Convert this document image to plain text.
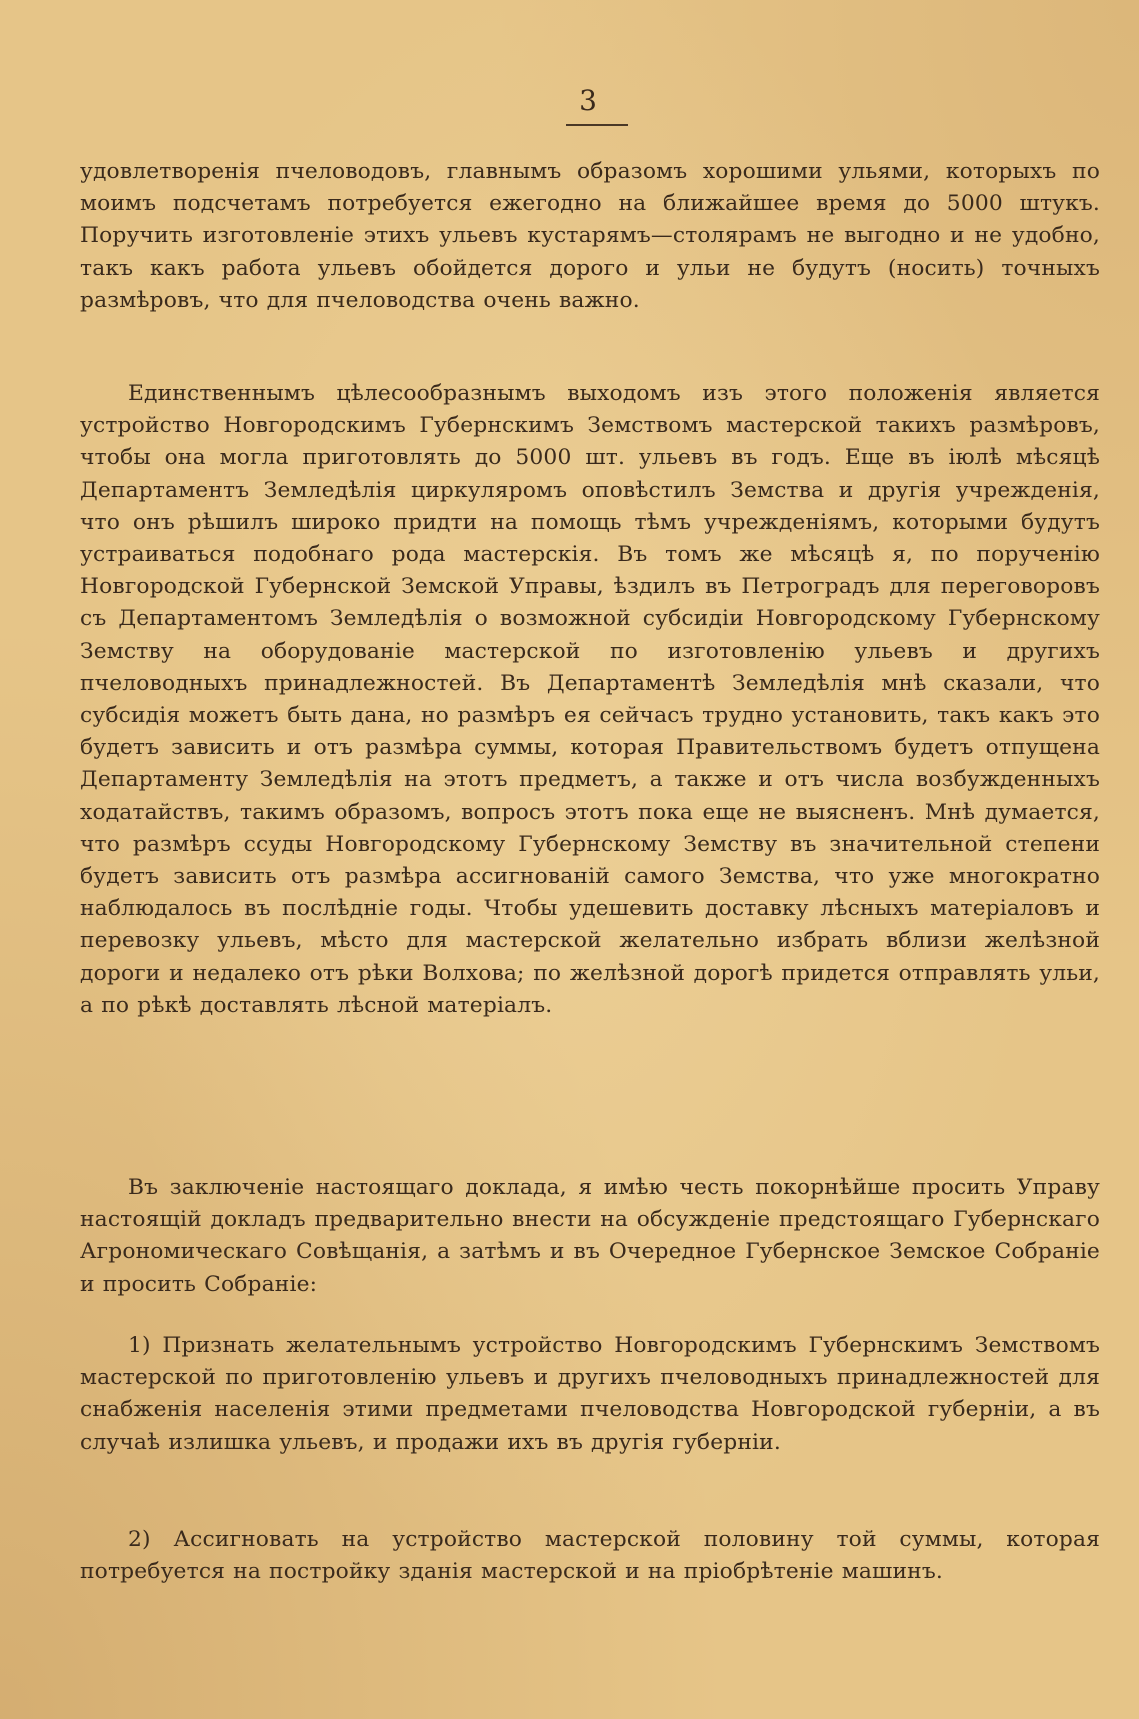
3

удовлетворенія пчеловодовъ, главнымъ образомъ хорошими ульями, которыхъ по моимъ подсчетамъ потребуется ежегодно на ближайшее время до 5000 штукъ. Поручить изготовленіе этихъ ульевъ кустарямъ—столярамъ не выгодно и не удобно, такъ какъ работа ульевъ обойдется дорого и ульи не будутъ (носить) точныхъ размѣровъ, что для пчеловодства очень важно.

Единственнымъ цѣлесообразнымъ выходомъ изъ этого положенія является устройство Новгородскимъ Губернскимъ Земствомъ мастерской такихъ размѣровъ, чтобы она могла приготовлять до 5000 шт. ульевъ въ годъ. Еще въ іюлѣ мѣсяцѣ Департаментъ Земледѣлія циркуляромъ оповѣстилъ Земства и другія учрежденія, что онъ рѣшилъ широко придти на помощь тѣмъ учрежденіямъ, которыми будутъ устраиваться подобнаго рода мастерскія. Въ томъ же мѣсяцѣ я, по порученію Новгородской Губернской Земской Управы, ѣздилъ въ Петроградъ для переговоровъ съ Департаментомъ Земледѣлія о возможной субсидіи Новгородскому Губернскому Земству на оборудованіе мастерской по изготовленію ульевъ и другихъ пчеловодныхъ принадлежностей. Въ Департаментѣ Земледѣлія мнѣ сказали, что субсидія можетъ быть дана, но размѣръ ея сейчасъ трудно установить, такъ какъ это будетъ зависить и отъ размѣра суммы, которая Правительствомъ будетъ отпущена Департаменту Земледѣлія на этотъ предметъ, а также и отъ числа возбужденныхъ ходатайствъ, такимъ образомъ, вопросъ этотъ пока еще не выясненъ. Мнѣ думается, что размѣръ ссуды Новгородскому Губернскому Земству въ значительной степени будетъ зависить отъ размѣра ассигнованій самого Земства, что уже многократно наблюдалось въ послѣдніе годы. Чтобы удешевить доставку лѣсныхъ матеріаловъ и перевозку ульевъ, мѣсто для мастерской желательно избрать вблизи желѣзной дороги и недалеко отъ рѣки Волхова; по желѣзной дорогѣ придется отправлять ульи, а по рѣкѣ доставлять лѣсной матеріалъ.

Въ заключеніе настоящаго доклада, я имѣю честь покорнѣйше просить Управу настоящій докладъ предварительно внести на обсужденіе предстоящаго Губернскаго Агрономическаго Совѣщанія, а затѣмъ и въ Очередное Губернское Земское Собраніе и просить Собраніе:

1) Признать желательнымъ устройство Новгородскимъ Губернскимъ Земствомъ мастерской по приготовленію ульевъ и другихъ пчеловодныхъ принадлежностей для снабженія населенія этими предметами пчеловодства Новгородской губерніи, а въ случаѣ излишка ульевъ, и продажи ихъ въ другія губерніи.

2) Ассигновать на устройство мастерской половину той суммы, которая потребуется на постройку зданія мастерской и на пріобрѣтеніе машинъ.
